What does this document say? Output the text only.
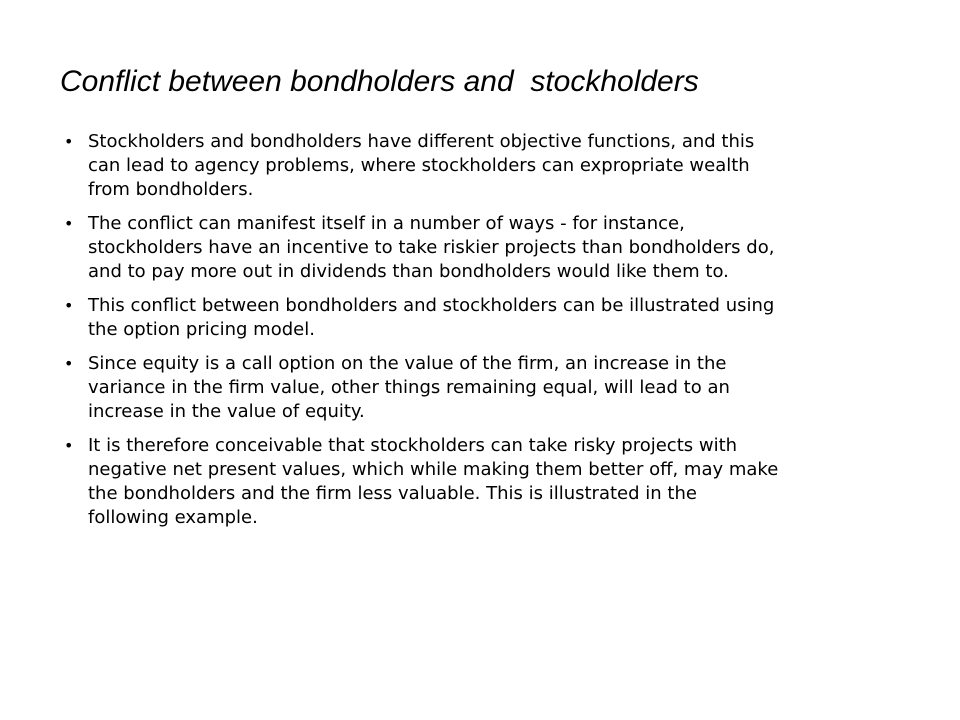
Conflict between bondholders and  stockholders
• Stockholders and bondholders have different objective functions, and this
can lead to agency problems, where stockholders can expropriate wealth
from bondholders.
• The conflict can manifest itself in a number of ways - for instance,
stockholders have an incentive to take riskier projects than bondholders do,
and to pay more out in dividends than bondholders would like them to.
• This conflict between bondholders and stockholders can be illustrated using
the option pricing model.
• Since equity is a call option on the value of the firm, an increase in the
variance in the firm value, other things remaining equal, will lead to an
increase in the value of equity.
• It is therefore conceivable that stockholders can take risky projects with
negative net present values, which while making them better off, may make
the bondholders and the firm less valuable. This is illustrated in the
following example.
